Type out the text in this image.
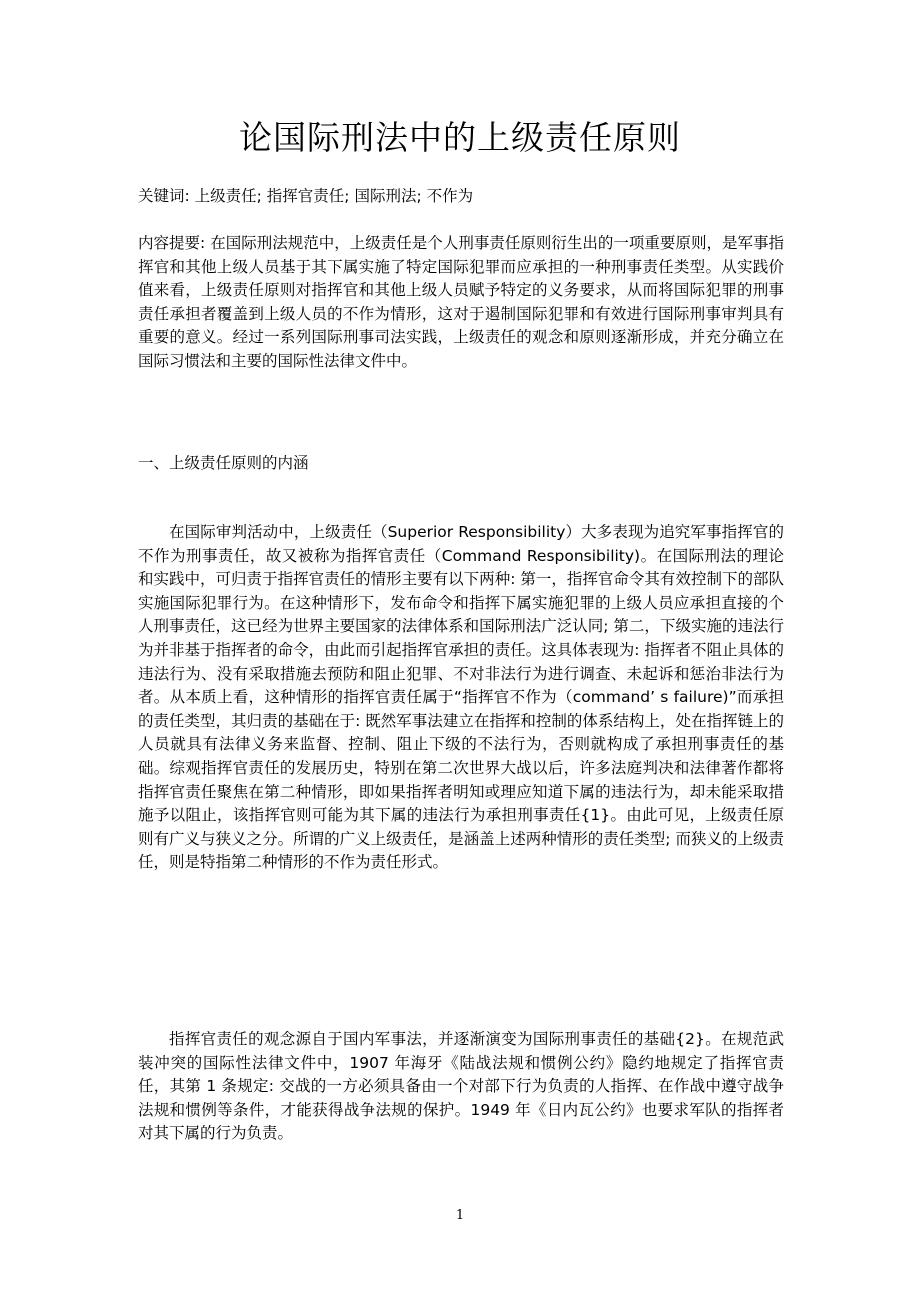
论国际刑法中的上级责任原则

关键词: 上级责任; 指挥官责任; 国际刑法; 不作为

内容提要: 在国际刑法规范中，上级责任是个人刑事责任原则衍生出的一项重要原则，是军事指挥官和其他上级人员基于其下属实施了特定国际犯罪而应承担的一种刑事责任类型。从实践价值来看，上级责任原则对指挥官和其他上级人员赋予特定的义务要求，从而将国际犯罪的刑事责任承担者覆盖到上级人员的不作为情形，这对于遏制国际犯罪和有效进行国际刑事审判具有重要的意义。经过一系列国际刑事司法实践，上级责任的观念和原则逐渐形成，并充分确立在国际习惯法和主要的国际性法律文件中。

一、上级责任原则的内涵

在国际审判活动中，上级责任（Superior Responsibility）大多表现为追究军事指挥官的不作为刑事责任，故又被称为指挥官责任（Command Responsibility)。在国际刑法的理论和实践中，可归责于指挥官责任的情形主要有以下两种: 第一，指挥官命令其有效控制下的部队实施国际犯罪行为。在这种情形下，发布命令和指挥下属实施犯罪的上级人员应承担直接的个人刑事责任，这已经为世界主要国家的法律体系和国际刑法广泛认同; 第二，下级实施的违法行为并非基于指挥者的命令，由此而引起指挥官承担的责任。这具体表现为: 指挥者不阻止具体的违法行为、没有采取措施去预防和阻止犯罪、不对非法行为进行调查、未起诉和惩治非法行为者。从本质上看，这种情形的指挥官责任属于“指挥官不作为（command’ s failure)”而承担的责任类型，其归责的基础在于: 既然军事法建立在指挥和控制的体系结构上，处在指挥链上的人员就具有法律义务来监督、控制、阻止下级的不法行为，否则就构成了承担刑事责任的基础。综观指挥官责任的发展历史，特别在第二次世界大战以后，许多法庭判决和法律著作都将指挥官责任聚焦在第二种情形，即如果指挥者明知或理应知道下属的违法行为，却未能采取措施予以阻止，该指挥官则可能为其下属的违法行为承担刑事责任{1}。由此可见，上级责任原则有广义与狭义之分。所谓的广义上级责任，是涵盖上述两种情形的责任类型; 而狭义的上级责任，则是特指第二种情形的不作为责任形式。

指挥官责任的观念源自于国内军事法，并逐渐演变为国际刑事责任的基础{2}。在规范武装冲突的国际性法律文件中，1907 年海牙《陆战法规和惯例公约》隐约地规定了指挥官责任，其第 1 条规定: 交战的一方必须具备由一个对部下行为负责的人指挥、在作战中遵守战争法规和惯例等条件，才能获得战争法规的保护。1949 年《日内瓦公约》也要求军队的指挥者对其下属的行为负责。

1
